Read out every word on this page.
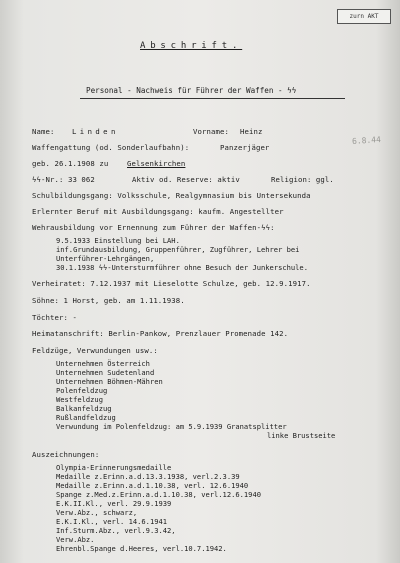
zurn AKT
6.8.44
Abschrift.
Personal - Nachweis für Führer der Waffen - ϟϟ
Name: Linden	Vorname: Heinz
Waffengattung (od. Sonderlaufbahn):	Panzerjäger
geb. 26.1.1908 zu	Gelsenkirchen
ϟϟ-Nr.: 33 062	Aktiv od. Reserve: aktiv	Religion: ggl.
Schulbildungsgang: Volksschule, Realgymnasium bis Untersekunda
Erlernter Beruf mit Ausbildungsgang: kaufm. Angestellter
Wehrausbildung vor Ernennung zum Führer der Waffen-ϟϟ:
9.5.1933 Einstellung bei LAH.
inf.Grundausbildung, Gruppenführer, Zugführer, Lehrer bei
Unterführer-Lehrgängen,
30.1.1938 ϟϟ-Untersturmführer ohne Besuch der Junkerschule.
Verheiratet: 7.12.1937 mit Lieselotte Schulze, geb. 12.9.1917.
Söhne: 1 Horst, geb. am 1.11.1938.
Töchter: -
Heimatanschrift: Berlin-Pankow, Prenzlauer Promenade 142.
Feldzüge, Verwundungen usw.:
Unternehmen Österreich
Unternehmen Sudetenland
Unternehmen Böhmen-Mähren
Polenfeldzug
Westfeldzug
Balkanfeldzug
Rußlandfeldzug
Verwundung im Polenfeldzug: am 5.9.1939 Granatsplitter
linke Brustseite
Auszeichnungen:
Olympia-Erinnerungsmedaille
Medaille z.Erinn.a.d.13.3.1938, verl.2.3.39
Medaille z.Erinn.a.d.1.10.38, verl. 12.6.1940
Spange z.Med.z.Erinn.a.d.1.10.38, verl.12.6.1940
E.K.II.Kl., verl. 29.9.1939
Verw.Abz., schwarz,
E.K.I.Kl., verl. 14.6.1941
Inf.Sturm.Abz., verl.9.3.42,
Verw.Abz.
Ehrenbl.Spange d.Heeres, verl.10.7.1942.
